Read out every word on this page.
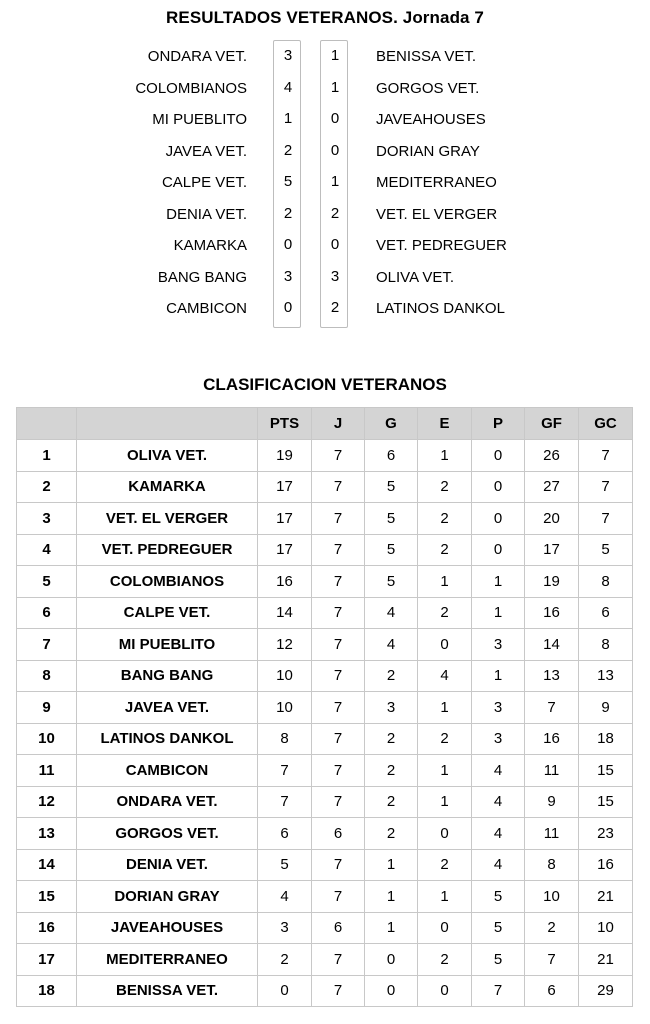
RESULTADOS VETERANOS. Jornada 7
ONDARA VET.	3	1	BENISSA VET.
COLOMBIANOS	4	1	GORGOS VET.
MI PUEBLITO	1	0	JAVEAHOUSES
JAVEA VET.	2	0	DORIAN GRAY
CALPE VET.	5	1	MEDITERRANEO
DENIA VET.	2	2	VET. EL VERGER
KAMARKA	0	0	VET. PEDREGUER
BANG BANG	3	3	OLIVA VET.
CAMBICON	0	2	LATINOS DANKOL
CLASIFICACION VETERANOS
		PTS	J	G	E	P	GF	GC
1	OLIVA VET.	19	7	6	1	0	26	7
2	KAMARKA	17	7	5	2	0	27	7
3	VET. EL VERGER	17	7	5	2	0	20	7
4	VET. PEDREGUER	17	7	5	2	0	17	5
5	COLOMBIANOS	16	7	5	1	1	19	8
6	CALPE VET.	14	7	4	2	1	16	6
7	MI PUEBLITO	12	7	4	0	3	14	8
8	BANG BANG	10	7	2	4	1	13	13
9	JAVEA VET.	10	7	3	1	3	7	9
10	LATINOS DANKOL	8	7	2	2	3	16	18
11	CAMBICON	7	7	2	1	4	11	15
12	ONDARA VET.	7	7	2	1	4	9	15
13	GORGOS VET.	6	6	2	0	4	11	23
14	DENIA VET.	5	7	1	2	4	8	16
15	DORIAN GRAY	4	7	1	1	5	10	21
16	JAVEAHOUSES	3	6	1	0	5	2	10
17	MEDITERRANEO	2	7	0	2	5	7	21
18	BENISSA VET.	0	7	0	0	7	6	29
